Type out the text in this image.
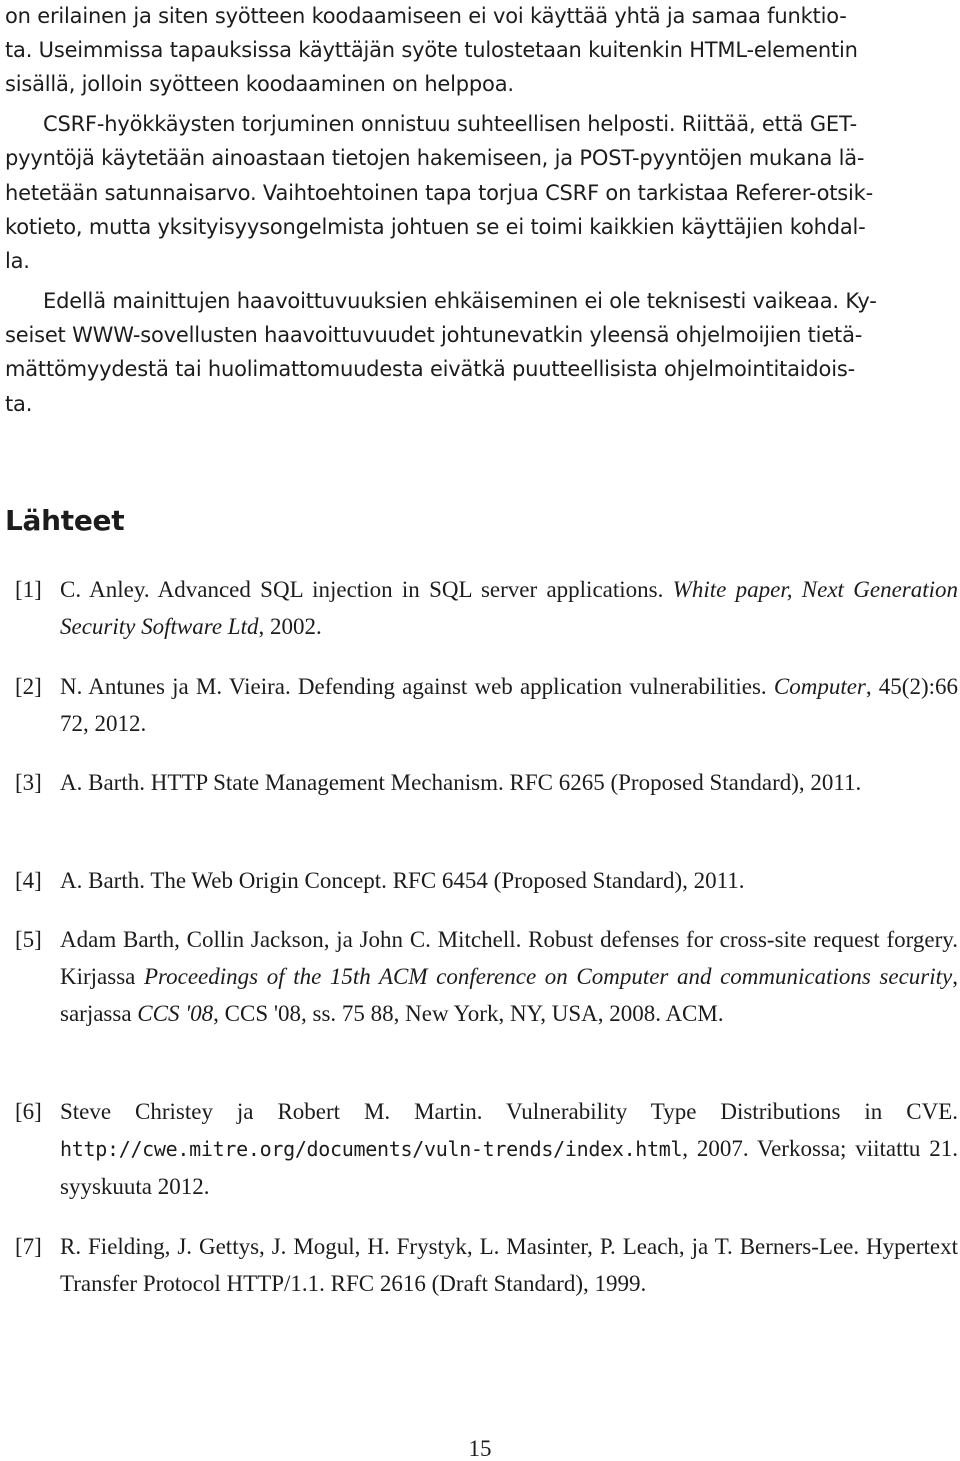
on erilainen ja siten syötteen koodaamiseen ei voi käyttää yhtä ja samaa funktio-
ta. Useimmissa tapauksissa käyttäjän syöte tulostetaan kuitenkin HTML-elementin
sisällä, jolloin syötteen koodaaminen on helppoa.
CSRF-hyökkäysten torjuminen onnistuu suhteellisen helposti. Riittää, että GET-
pyyntöjä käytetään ainoastaan tietojen hakemiseen, ja POST-pyyntöjen mukana lä-
hetetään satunnaisarvo. Vaihtoehtoinen tapa torjua CSRF on tarkistaa Referer-otsik-
kotieto, mutta yksityisyysongelmista johtuen se ei toimi kaikkien käyttäjien kohdal-
la.
Edellä mainittujen haavoittuvuuksien ehkäiseminen ei ole teknisesti vaikeaa. Ky-
seiset WWW-sovellusten haavoittuvuudet johtunevatkin yleensä ohjelmoijien tietä-
mättömyydestä tai huolimattomuudesta eivätkä puutteellisista ohjelmointitaidois-
ta.
Lähteet
[1] C. Anley. Advanced SQL injection in SQL server applications. White paper, Next Generation Security Software Ltd, 2002.
[2] N. Antunes ja M. Vieira. Defending against web application vulnerabilities. Computer, 45(2):66 72, 2012.
[3] A. Barth. HTTP State Management Mechanism. RFC 6265 (Proposed Standard), 2011.
[4] A. Barth. The Web Origin Concept. RFC 6454 (Proposed Standard), 2011.
[5] Adam Barth, Collin Jackson, ja John C. Mitchell. Robust defenses for cross-site request forgery. Kirjassa Proceedings of the 15th ACM conference on Computer and communications security, sarjassa CCS '08, CCS '08, ss. 75 88, New York, NY, USA, 2008. ACM.
[6] Steve Christey ja Robert M. Martin. Vulnerability Type Distributions in CVE. http://cwe.mitre.org/documents/vuln-trends/index.html, 2007. Verkossa; viitattu 21. syyskuuta 2012.
[7] R. Fielding, J. Gettys, J. Mogul, H. Frystyk, L. Masinter, P. Leach, ja T. Berners-Lee. Hypertext Transfer Protocol HTTP/1.1. RFC 2616 (Draft Standard), 1999.
15
